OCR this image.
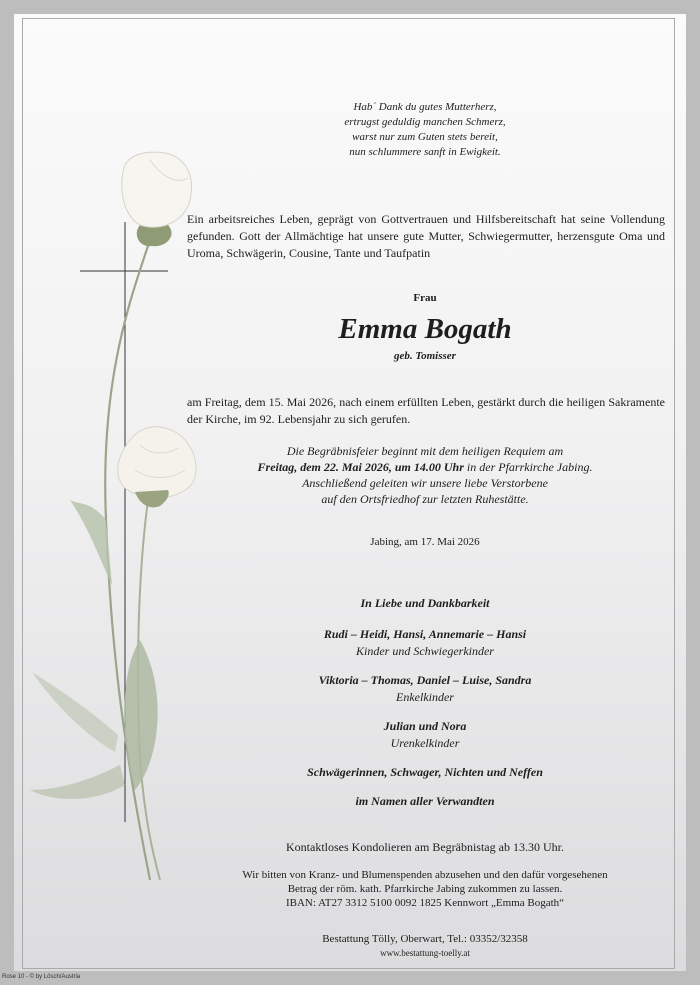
Hab´ Dank du gutes Mutterherz,
ertrugst geduldig manchen Schmerz,
warst nur zum Guten stets bereit,
nun schlummere sanft in Ewigkeit.
Ein arbeitsreiches Leben, geprägt von Gottvertrauen und Hilfsbereitschaft hat seine Vollendung gefunden. Gott der Allmächtige hat unsere gute Mutter, Schwiegermutter, herzensgute Oma und Uroma, Schwägerin, Cousine, Tante und Taufpatin
Frau
Emma Bogath
geb. Tomisser
am Freitag, dem 15. Mai 2026, nach einem erfüllten Leben, gestärkt durch die heiligen Sakramente der Kirche, im 92. Lebensjahr zu sich gerufen.
Die Begräbnisfeier beginnt mit dem heiligen Requiem am
Freitag, dem 22. Mai 2026, um 14.00 Uhr in der Pfarrkirche Jabing.
Anschließend geleiten wir unsere liebe Verstorbene
auf den Ortsfriedhof zur letzten Ruhestätte.
Jabing, am 17. Mai 2026
In Liebe und Dankbarkeit
Rudi – Heidi, Hansi, Annemarie – Hansi
Kinder und Schwiegerkinder
Viktoria – Thomas, Daniel – Luise, Sandra
Enkelkinder
Julian und Nora
Urenkelkinder
Schwägerinnen, Schwager, Nichten und Neffen
im Namen aller Verwandten
Kontaktloses Kondolieren am Begräbnistag ab 13.30 Uhr.
Wir bitten von Kranz- und Blumenspenden abzusehen und den dafür vorgesehenen
Betrag der röm. kath. Pfarrkirche Jabing zukommen zu lassen.
IBAN: AT27 3312 5100 0092 1825 Kennwort „Emma Bogath“
Bestattung Tölly, Oberwart, Tel.: 03352/32358
www.bestattung-toelly.at
Rose 10 - © by Lösch/Austria
